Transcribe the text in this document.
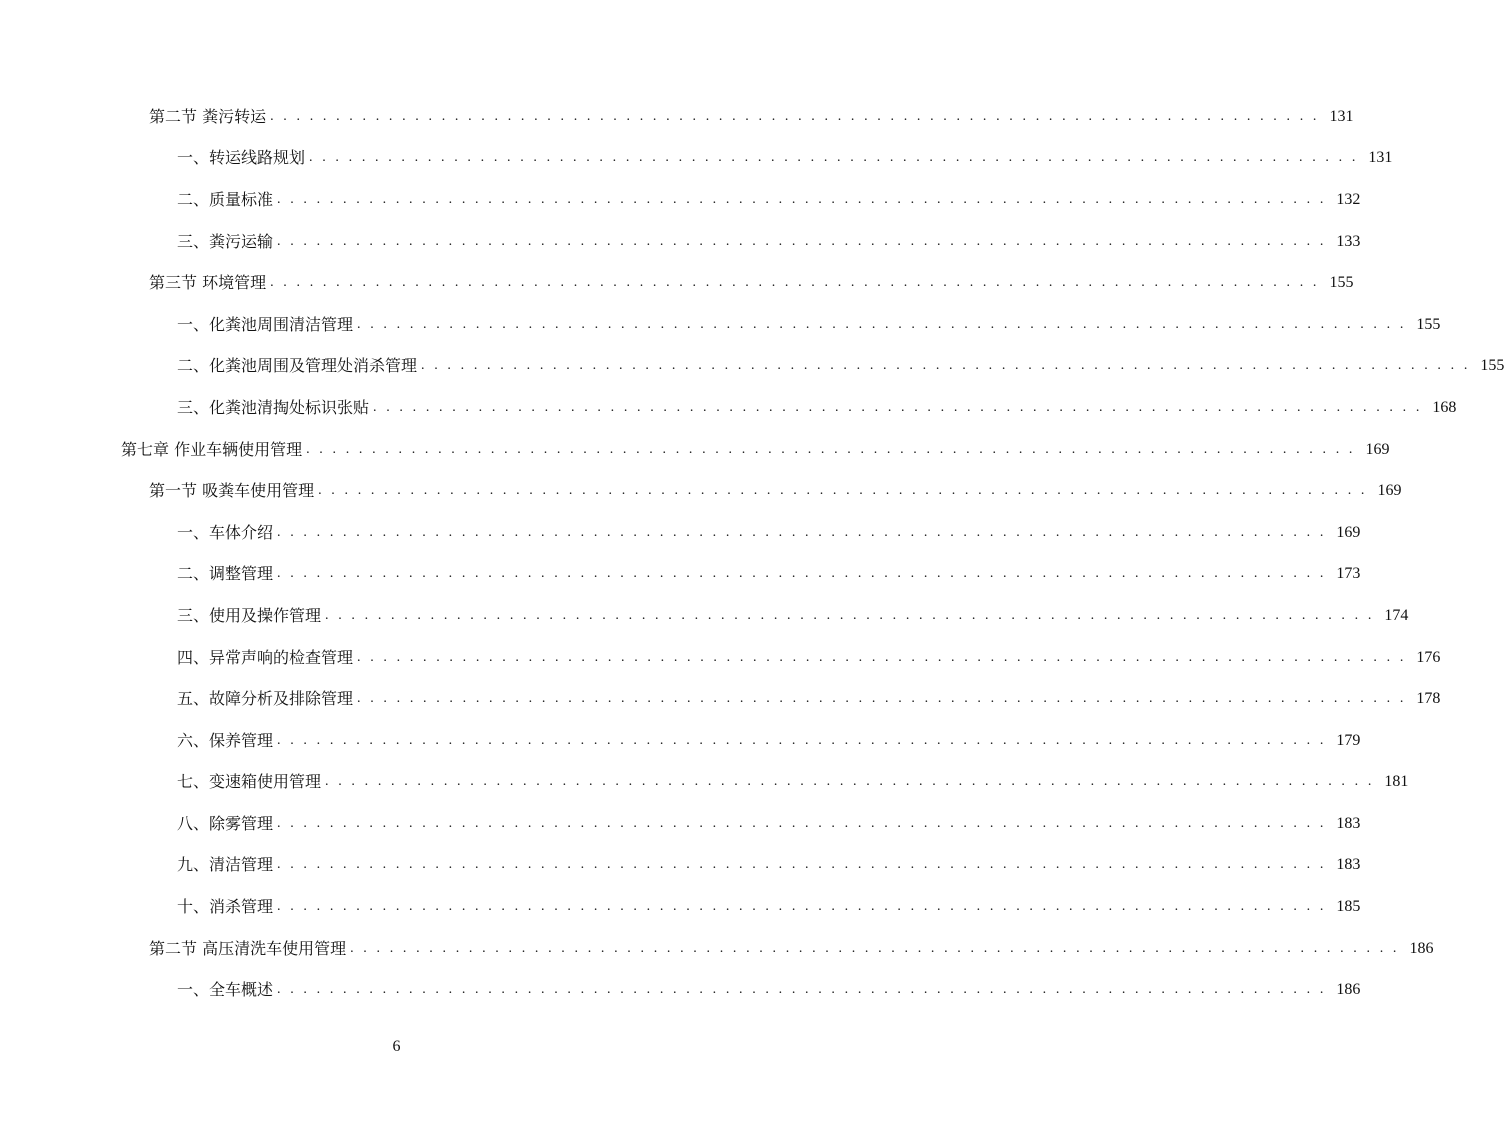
第二节 粪污转运 . . . . . . . . . . . . . . . . . . . . . . . . . . . . . . . . . . . . . . . . . . . . . . . . . . . . . . . . . . . . . . . . . . . . . . . . . . . . . . . . 131
一、转运线路规划 . . . . . . . . . . . . . . . . . . . . . . . . . . . . . . . . . . . . . . . . . . . . . . . . . . . . . . . . . . . . . . . . . . . . . . . . . . . . . . . . 131
二、质量标准 . . . . . . . . . . . . . . . . . . . . . . . . . . . . . . . . . . . . . . . . . . . . . . . . . . . . . . . . . . . . . . . . . . . . . . . . . . . . . . . . 132
三、粪污运输 . . . . . . . . . . . . . . . . . . . . . . . . . . . . . . . . . . . . . . . . . . . . . . . . . . . . . . . . . . . . . . . . . . . . . . . . . . . . . . . . 133
第三节 环境管理 . . . . . . . . . . . . . . . . . . . . . . . . . . . . . . . . . . . . . . . . . . . . . . . . . . . . . . . . . . . . . . . . . . . . . . . . . . . . . . . . 155
一、化粪池周围清洁管理 . . . . . . . . . . . . . . . . . . . . . . . . . . . . . . . . . . . . . . . . . . . . . . . . . . . . . . . . . . . . . . . . . . . . . . . . . . . . . . . . 155
二、化粪池周围及管理处消杀管理 . . . . . . . . . . . . . . . . . . . . . . . . . . . . . . . . . . . . . . . . . . . . . . . . . . . . . . . . . . . . . . . . . . . . . . . . . . . . . . . . 155
三、化粪池清掏处标识张贴 . . . . . . . . . . . . . . . . . . . . . . . . . . . . . . . . . . . . . . . . . . . . . . . . . . . . . . . . . . . . . . . . . . . . . . . . . . . . . . . . 168
第七章 作业车辆使用管理 . . . . . . . . . . . . . . . . . . . . . . . . . . . . . . . . . . . . . . . . . . . . . . . . . . . . . . . . . . . . . . . . . . . . . . . . . . . . . . . . 169
第一节 吸粪车使用管理 . . . . . . . . . . . . . . . . . . . . . . . . . . . . . . . . . . . . . . . . . . . . . . . . . . . . . . . . . . . . . . . . . . . . . . . . . . . . . . . . 169
一、车体介绍 . . . . . . . . . . . . . . . . . . . . . . . . . . . . . . . . . . . . . . . . . . . . . . . . . . . . . . . . . . . . . . . . . . . . . . . . . . . . . . . . 169
二、调整管理 . . . . . . . . . . . . . . . . . . . . . . . . . . . . . . . . . . . . . . . . . . . . . . . . . . . . . . . . . . . . . . . . . . . . . . . . . . . . . . . . 173
三、使用及操作管理 . . . . . . . . . . . . . . . . . . . . . . . . . . . . . . . . . . . . . . . . . . . . . . . . . . . . . . . . . . . . . . . . . . . . . . . . . . . . . . . . 174
四、异常声响的检查管理 . . . . . . . . . . . . . . . . . . . . . . . . . . . . . . . . . . . . . . . . . . . . . . . . . . . . . . . . . . . . . . . . . . . . . . . . . . . . . . . . 176
五、故障分析及排除管理 . . . . . . . . . . . . . . . . . . . . . . . . . . . . . . . . . . . . . . . . . . . . . . . . . . . . . . . . . . . . . . . . . . . . . . . . . . . . . . . . 178
六、保养管理 . . . . . . . . . . . . . . . . . . . . . . . . . . . . . . . . . . . . . . . . . . . . . . . . . . . . . . . . . . . . . . . . . . . . . . . . . . . . . . . . 179
七、变速箱使用管理 . . . . . . . . . . . . . . . . . . . . . . . . . . . . . . . . . . . . . . . . . . . . . . . . . . . . . . . . . . . . . . . . . . . . . . . . . . . . . . . . 181
八、除雾管理 . . . . . . . . . . . . . . . . . . . . . . . . . . . . . . . . . . . . . . . . . . . . . . . . . . . . . . . . . . . . . . . . . . . . . . . . . . . . . . . . 183
九、清洁管理 . . . . . . . . . . . . . . . . . . . . . . . . . . . . . . . . . . . . . . . . . . . . . . . . . . . . . . . . . . . . . . . . . . . . . . . . . . . . . . . . 183
十、消杀管理 . . . . . . . . . . . . . . . . . . . . . . . . . . . . . . . . . . . . . . . . . . . . . . . . . . . . . . . . . . . . . . . . . . . . . . . . . . . . . . . . 185
第二节 高压清洗车使用管理 . . . . . . . . . . . . . . . . . . . . . . . . . . . . . . . . . . . . . . . . . . . . . . . . . . . . . . . . . . . . . . . . . . . . . . . . . . . . . . . . 186
一、全车概述 . . . . . . . . . . . . . . . . . . . . . . . . . . . . . . . . . . . . . . . . . . . . . . . . . . . . . . . . . . . . . . . . . . . . . . . . . . . . . . . . 186
6
